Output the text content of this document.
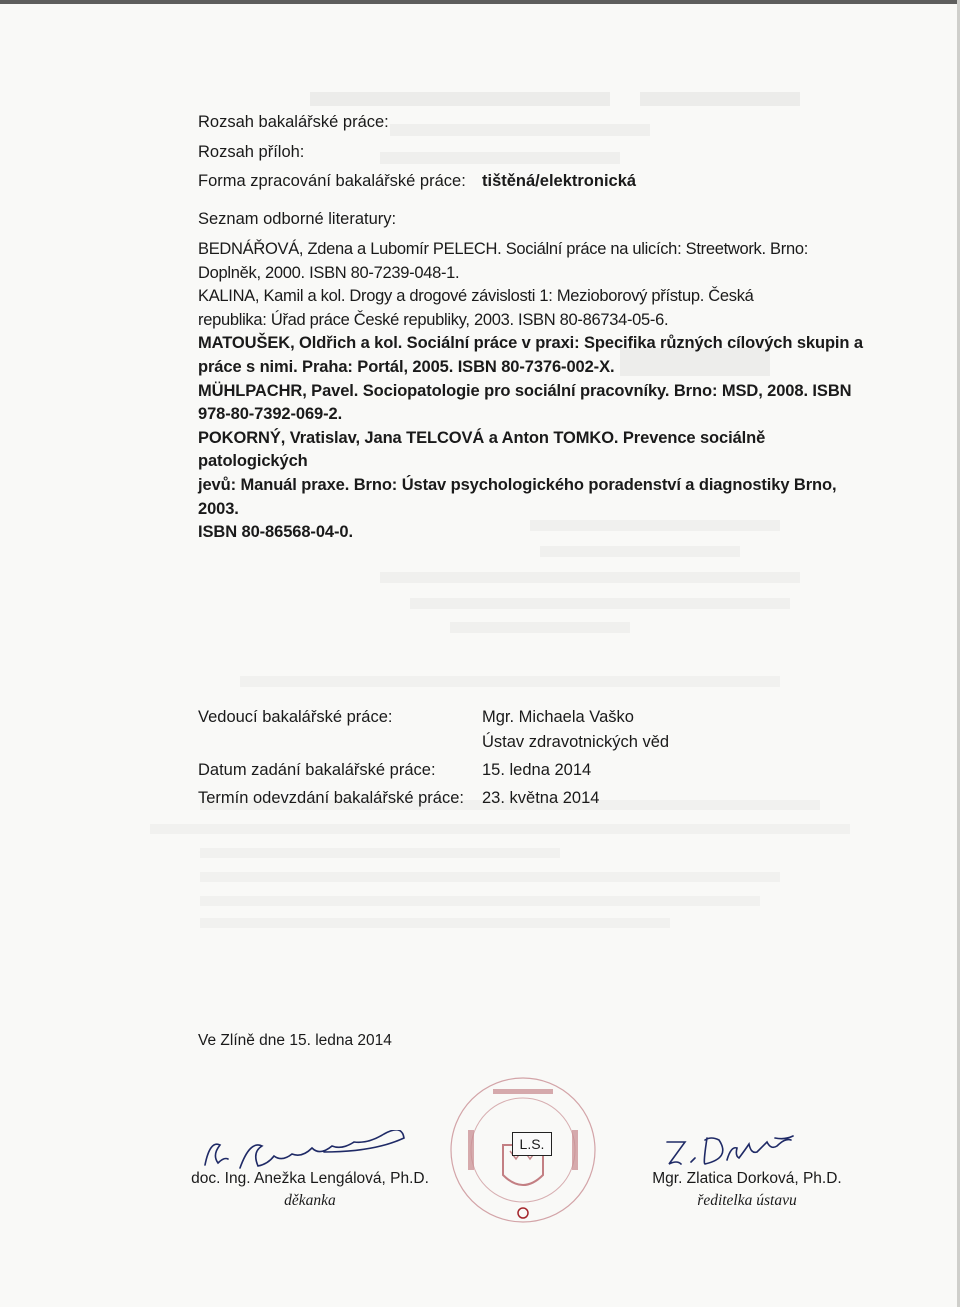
Rozsah bakalářské práce:
Rozsah příloh:
Forma zpracování bakalářské práce: tištěná/elektronická
Seznam odborné literatury:
BEDNÁŘOVÁ, Zdena a Lubomír PELECH. Sociální práce na ulicích: Streetwork. Brno:
Doplněk, 2000. ISBN 80-7239-048-1.
KALINA, Kamil a kol. Drogy a drogové závislosti 1: Mezioborový přístup. Česká
republika: Úřad práce České republiky, 2003. ISBN 80-86734-05-6.
MATOUŠEK, Oldřich a kol. Sociální práce v praxi: Specifika různých cílových skupin a
práce s nimi. Praha: Portál, 2005. ISBN 80-7376-002-X.
MÜHLPACHR, Pavel. Sociopatologie pro sociální pracovníky. Brno: MSD, 2008. ISBN
978-80-7392-069-2.
POKORNÝ, Vratislav, Jana TELCOVÁ a Anton TOMKO. Prevence sociálně patologických
jevů: Manuál praxe. Brno: Ústav psychologického poradenství a diagnostiky Brno, 2003.
ISBN 80-86568-04-0.
Vedoucí bakalářské práce:	Mgr. Michaela Vaško
Ústav zdravotnických věd
Datum zadání bakalářské práce:	15. ledna 2014
Termín odevzdání bakalářské práce: 23. května 2014
Ve Zlíně dne 15. ledna 2014
L.S.
doc. Ing. Anežka Lengálová, Ph.D.
děkanka
Mgr. Zlatica Dorková, Ph.D.
ředitelka ústavu
